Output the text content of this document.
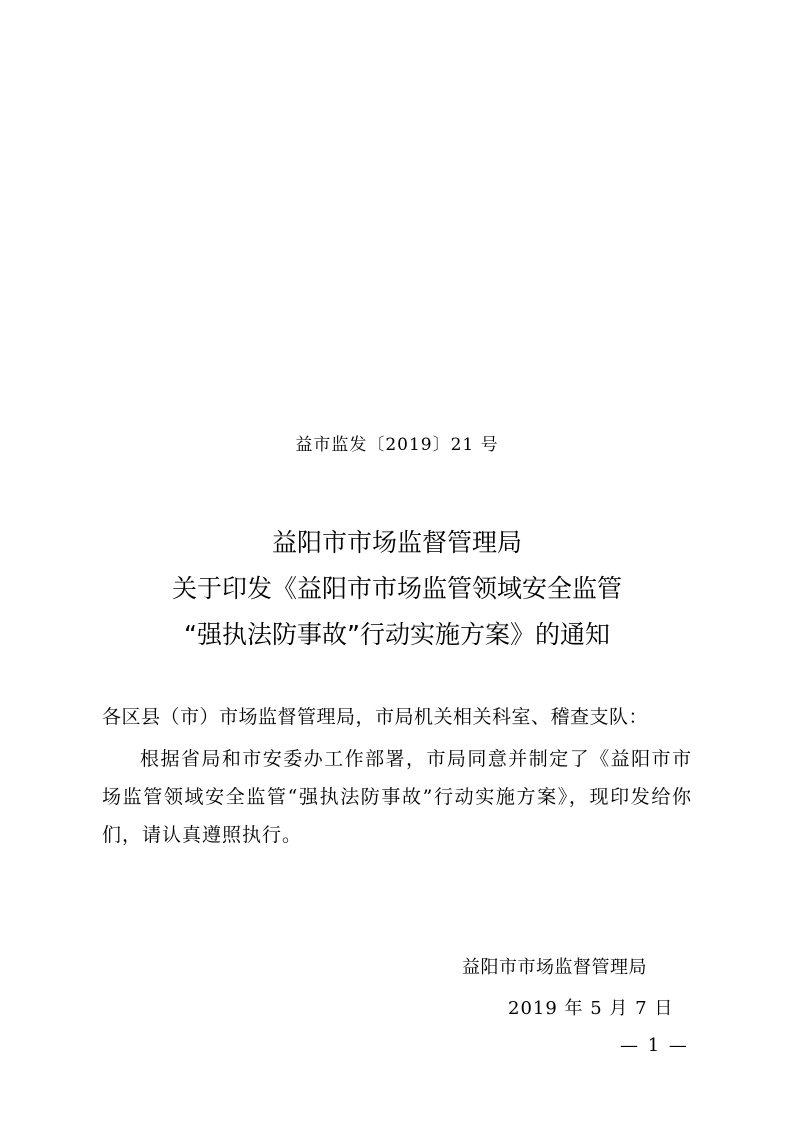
益市监发〔2019〕21 号
益阳市市场监督管理局
关于印发《益阳市市场监管领域安全监管
“强执法防事故”行动实施方案》的通知
各区县（市）市场监督管理局，市局机关相关科室、稽查支队：
根据省局和市安委办工作部署，市局同意并制定了《益阳市市场监管领域安全监管“强执法防事故”行动实施方案》，现印发给你们，请认真遵照执行。
益阳市市场监督管理局
2019 年 5 月 7 日
— 1 —
